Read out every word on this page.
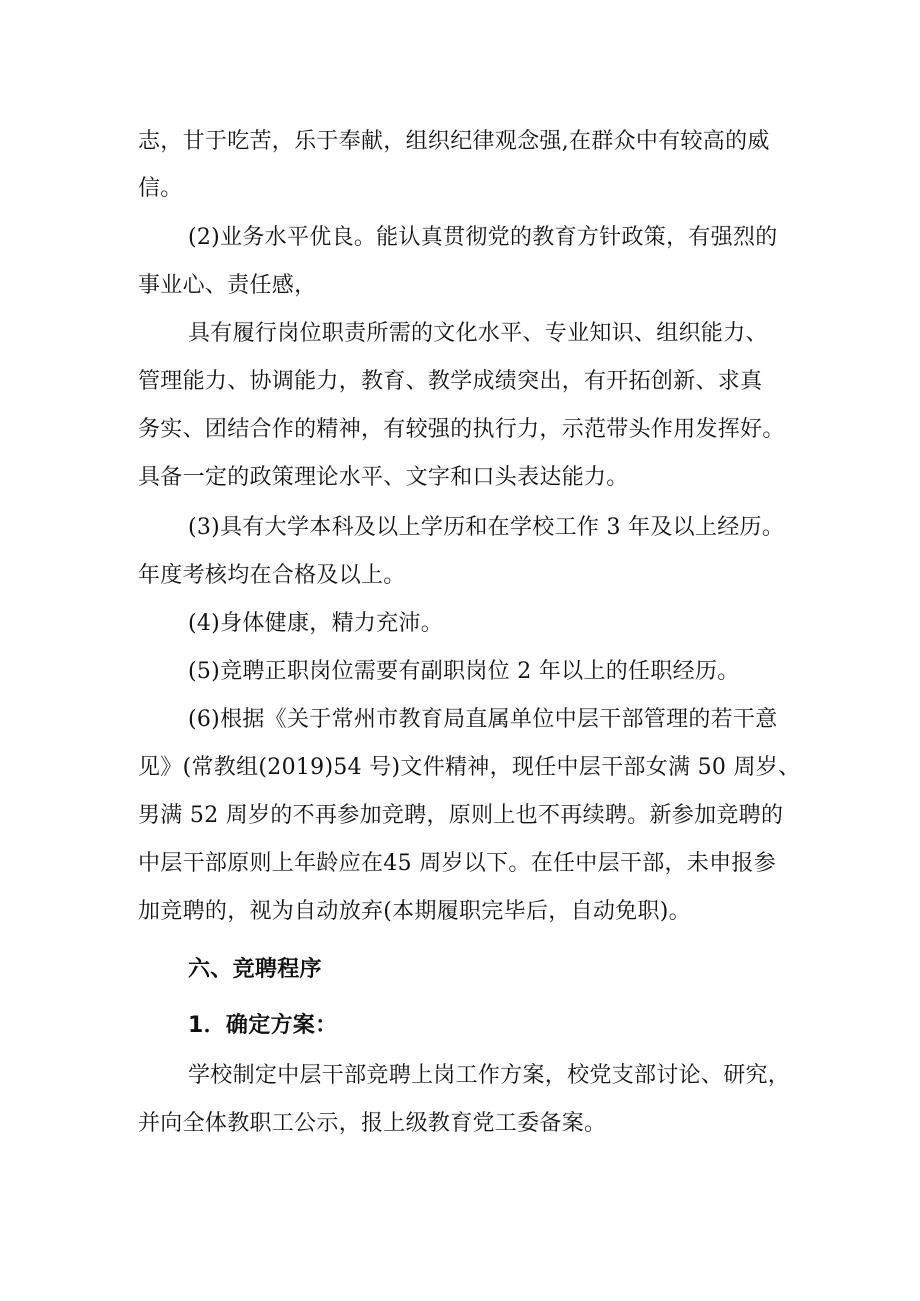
志，甘于吃苦，乐于奉献，组织纪律观念强,在群众中有较高的威
信。
(2)业务水平优良。能认真贯彻党的教育方针政策，有强烈的
事业心、责任感，
具有履行岗位职责所需的文化水平、专业知识、组织能力、
管理能力、协调能力，教育、教学成绩突出，有开拓创新、求真
务实、团结合作的精神，有较强的执行力，示范带头作用发挥好。
具备一定的政策理论水平、文字和口头表达能力。
(3)具有大学本科及以上学历和在学校工作 3 年及以上经历。
年度考核均在合格及以上。
(4)身体健康，精力充沛。
(5)竞聘正职岗位需要有副职岗位 2 年以上的任职经历。
(6)根据《关于常州市教育局直属单位中层干部管理的若干意
见》(常教组(2019)54 号)文件精神，现任中层干部女满 50 周岁、
男满 52 周岁的不再参加竞聘，原则上也不再续聘。新参加竞聘的
中层干部原则上年龄应在45 周岁以下。在任中层干部，未申报参
加竞聘的，视为自动放弃(本期履职完毕后，自动免职)。
六、竞聘程序
1．确定方案：
学校制定中层干部竞聘上岗工作方案，校党支部讨论、研究，
并向全体教职工公示，报上级教育党工委备案。
